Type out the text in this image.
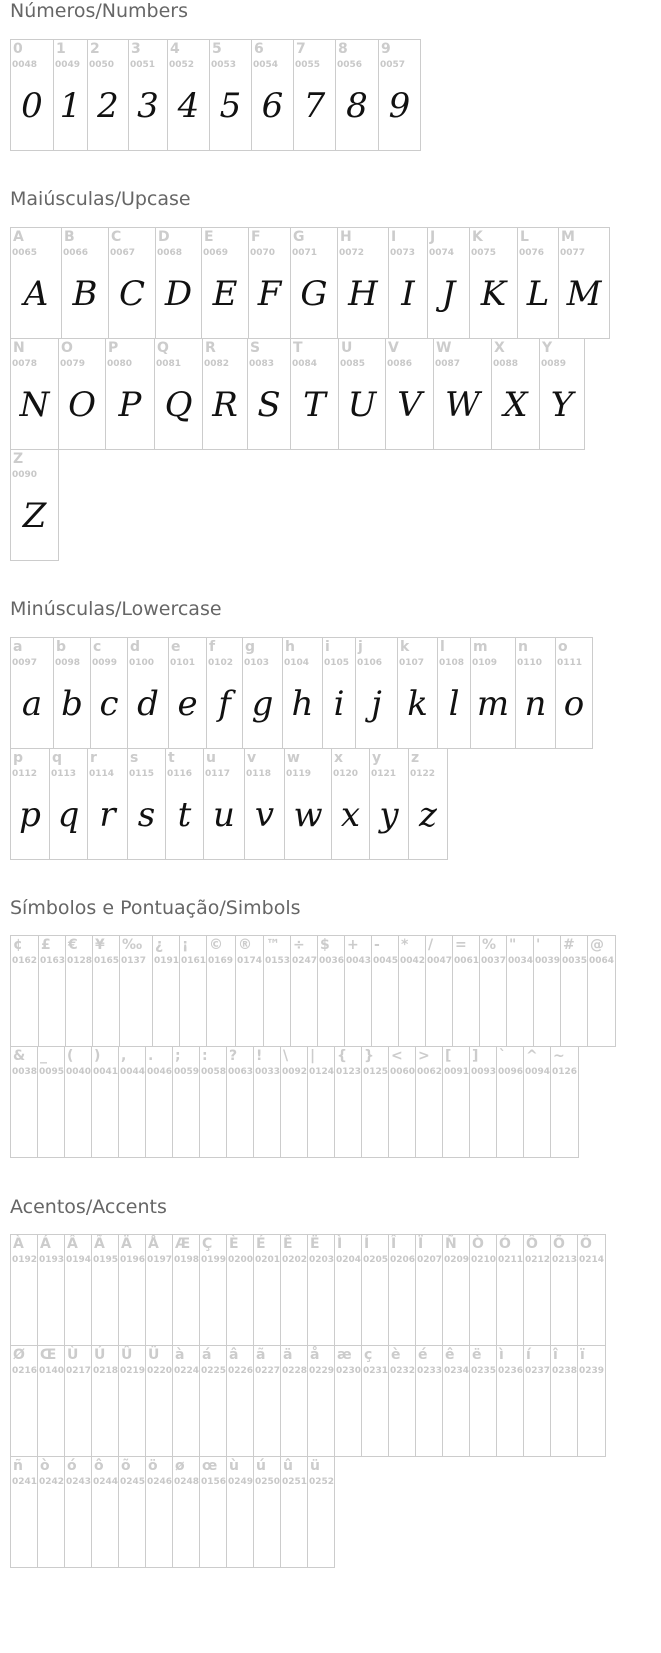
Números/Numbers
0
0048
0
1
0049
1
2
0050
2
3
0051
3
4
0052
4
5
0053
5
6
0054
6
7
0055
7
8
0056
8
9
0057
9
Maiúsculas/Upcase
A
0065
A
B
0066
B
C
0067
C
D
0068
D
E
0069
E
F
0070
F
G
0071
G
H
0072
H
I
0073
I
J
0074
J
K
0075
K
L
0076
L
M
0077
M
N
0078
N
O
0079
O
P
0080
P
Q
0081
Q
R
0082
R
S
0083
S
T
0084
T
U
0085
U
V
0086
V
W
0087
W
X
0088
X
Y
0089
Y
Z
0090
Z
Minúsculas/Lowercase
a
0097
a
b
0098
b
c
0099
c
d
0100
d
e
0101
e
f
0102
f
g
0103
g
h
0104
h
i
0105
i
j
0106
j
k
0107
k
l
0108
l
m
0109
m
n
0110
n
o
0111
o
p
0112
p
q
0113
q
r
0114
r
s
0115
s
t
0116
t
u
0117
u
v
0118
v
w
0119
w
x
0120
x
y
0121
y
z
0122
z
Símbolos e Pontuação/Simbols
¢
0162
£
0163
€
0128
¥
0165
‰
0137
¿
0191
¡
0161
©
0169
®
0174
™
0153
÷
0247
$
0036
+
0043
-
0045
*
0042
/
0047
=
0061
%
0037
"
0034
'
0039
#
0035
@
0064
&
0038
_
0095
(
0040
)
0041
,
0044
.
0046
;
0059
:
0058
?
0063
!
0033
\
0092
|
0124
{
0123
}
0125
<
0060
>
0062
[
0091
]
0093
`
0096
^
0094
~
0126
Acentos/Accents
À
0192
Á
0193
Â
0194
Ã
0195
Ä
0196
Å
0197
Æ
0198
Ç
0199
È
0200
É
0201
Ê
0202
Ë
0203
Ì
0204
Í
0205
Î
0206
Ï
0207
Ñ
0209
Ò
0210
Ó
0211
Ô
0212
Õ
0213
Ö
0214
Ø
0216
Œ
0140
Ù
0217
Ú
0218
Û
0219
Ü
0220
à
0224
á
0225
â
0226
ã
0227
ä
0228
å
0229
æ
0230
ç
0231
è
0232
é
0233
ê
0234
ë
0235
ì
0236
í
0237
î
0238
ï
0239
ñ
0241
ò
0242
ó
0243
ô
0244
õ
0245
ö
0246
ø
0248
œ
0156
ù
0249
ú
0250
û
0251
ü
0252
